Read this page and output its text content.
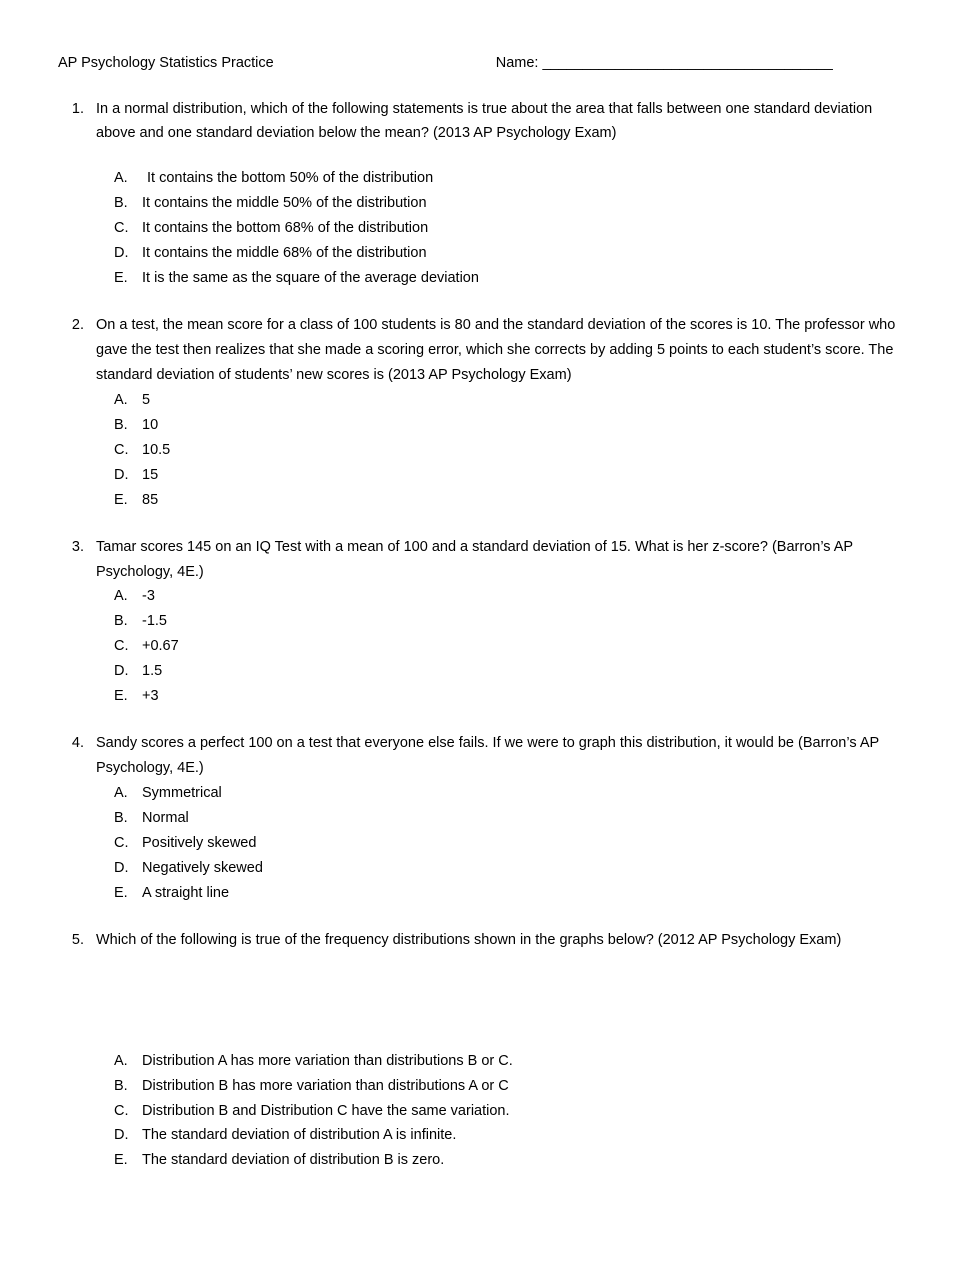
AP Psychology Statistics Practice	Name: ____________________________________
1. In a normal distribution, which of the following statements is true about the area that falls between one standard deviation above and one standard deviation below the mean? (2013 AP Psychology Exam)
A.	It contains the bottom 50% of the distribution
B. It contains the middle 50% of the distribution
C. It contains the bottom 68% of the distribution
D. It contains the middle 68% of the distribution
E. It is the same as the square of the average deviation
2. On a test, the mean score for a class of 100 students is 80 and the standard deviation of the scores is 10. The professor who gave the test then realizes that she made a scoring error, which she corrects by adding 5 points to each student’s score. The standard deviation of students’ new scores is (2013 AP Psychology Exam)
A. 5
B. 10
C. 10.5
D. 15
E. 85
3. Tamar scores 145 on an IQ Test with a mean of 100 and a standard deviation of 15. What is her z-score? (Barron’s AP Psychology, 4E.)
A. -3
B. -1.5
C. +0.67
D. 1.5
E. +3
4. Sandy scores a perfect 100 on a test that everyone else fails. If we were to graph this distribution, it would be (Barron’s AP Psychology, 4E.)
A. Symmetrical
B. Normal
C. Positively skewed
D. Negatively skewed
E. A straight line
5. Which of the following is true of the frequency distributions shown in the graphs below? (2012 AP Psychology Exam)
A. Distribution A has more variation than distributions B or C.
B. Distribution B has more variation than distributions A or C
C. Distribution B and Distribution C have the same variation.
D. The standard deviation of distribution A is infinite.
E. The standard deviation of distribution B is zero.
